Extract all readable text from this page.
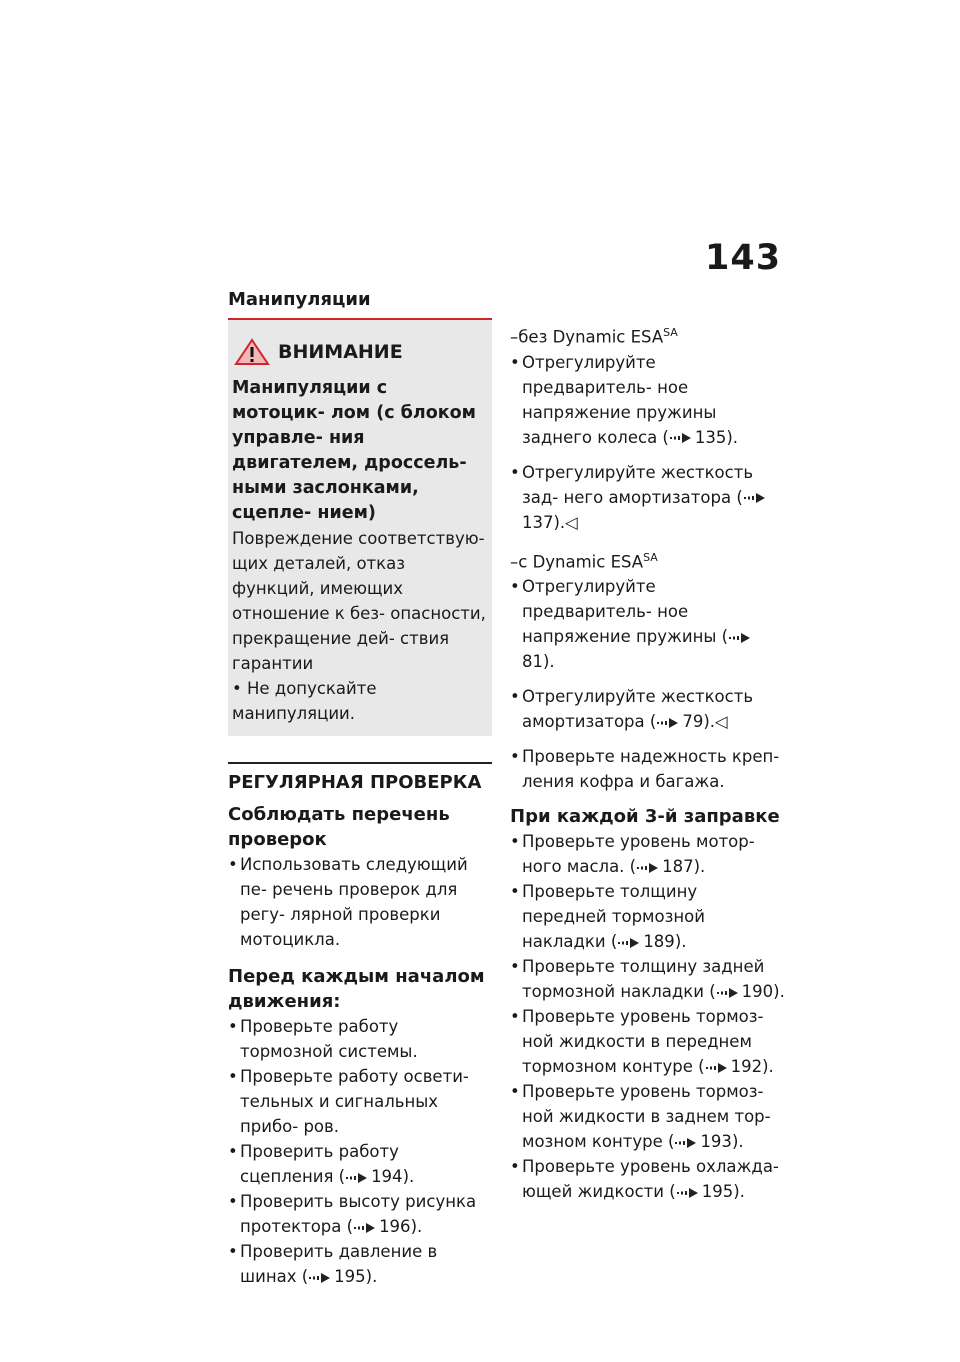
143
Манипуляции
ВНИМАНИЕ
Манипуляции с мотоцик- лом (с блоком управле- ния двигателем, дроссель- ными заслонками, сцепле- нием)
Повреждение соответствую- щих деталей, отказ функций, имеющих отношение к без- опасности, прекращение дей- ствия гарантии
• Не допускайте манипуляции.
РЕГУЛЯРНАЯ ПРОВЕРКА
Соблюдать перечень проверок
• Использовать следующий пе- речень проверок для регу- лярной проверки мотоцикла.
Перед каждым началом движения:
• Проверьте работу тормозной системы.
• Проверьте работу освети- тельных и сигнальных прибо- ров.
• Проверить работу сцепления ( 194).
• Проверить высоту рисунка протектора ( 196).
• Проверить давление в шинах ( 195).
–без Dynamic $ESA^{SA}$
• Отрегулируйте предваритель- ное напряжение пружины заднего колеса ( 135).
• Отрегулируйте жесткость зад- него амортизатора (137).◁
–с Dynamic $ESA^{SA}$
• Отрегулируйте предваритель- ное напряжение пружины (81).
• Отрегулируйте жесткость амортизатора ( 79).◁
• Проверьте надежность креп- ления кофра и багажа.
При каждой 3-й заправке
• Проверьте уровень мотор- ного масла. ( 187).
• Проверьте толщину передней тормозной накладки ( 189).
• Проверьте толщину задней тормозной накладки ( 190).
• Проверьте уровень тормоз- ной жидкости в переднем тормозном контуре ( 192).
• Проверьте уровень тормоз- ной жидкости в заднем тор- мозном контуре ( 193).
• Проверьте уровень охлажда- ющей жидкости ( 195).
